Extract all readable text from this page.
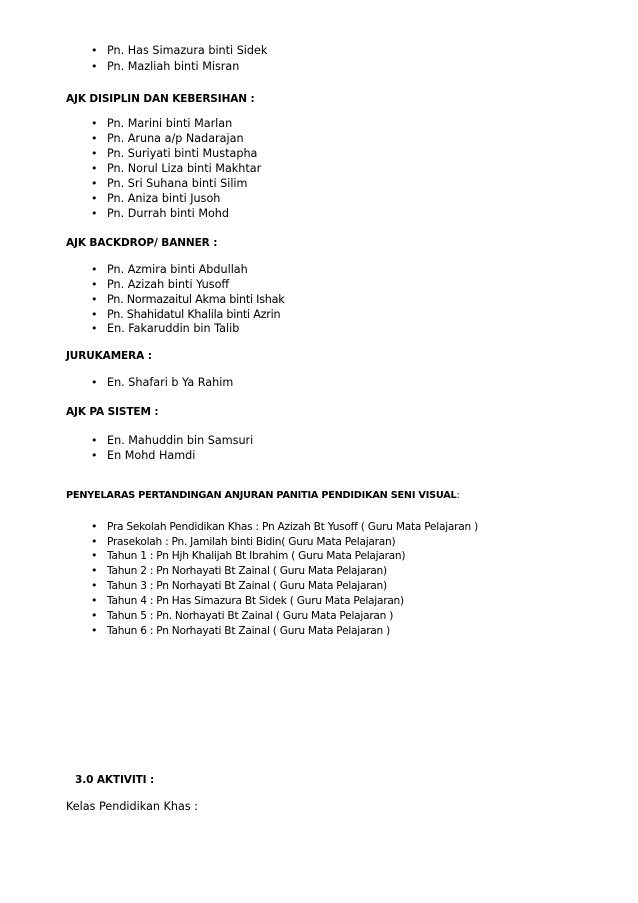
• Pn. Has Simazura binti Sidek
• Pn. Mazliah binti Misran
AJK DISIPLIN DAN KEBERSIHAN :
• Pn. Marini binti Marlan
• Pn. Aruna a/p Nadarajan
• Pn. Suriyati binti Mustapha
• Pn. Norul Liza binti Makhtar
• Pn. Sri Suhana binti Silim
• Pn. Aniza binti Jusoh
• Pn. Durrah binti Mohd
AJK BACKDROP/ BANNER :
• Pn. Azmira binti Abdullah
• Pn. Azizah binti Yusoff
• Pn. Normazaitul Akma binti Ishak
• Pn. Shahidatul Khalila binti Azrin
• En. Fakaruddin bin Talib
JURUKAMERA :
• En. Shafari b Ya Rahim
AJK PA SISTEM :
• En. Mahuddin bin Samsuri
• En Mohd Hamdi
PENYELARAS PERTANDINGAN ANJURAN PANITIA PENDIDIKAN SENI VISUAL:
• Pra Sekolah Pendidikan Khas : Pn Azizah Bt Yusoff ( Guru Mata Pelajaran )
• Prasekolah : Pn. Jamilah binti Bidin( Guru Mata Pelajaran)
• Tahun 1 : Pn Hjh Khalijah Bt Ibrahim ( Guru Mata Pelajaran)
• Tahun 2 : Pn Norhayati Bt Zainal ( Guru Mata Pelajaran)
• Tahun 3 : Pn Norhayati Bt Zainal ( Guru Mata Pelajaran)
• Tahun 4 : Pn Has Simazura Bt Sidek ( Guru Mata Pelajaran)
• Tahun 5 : Pn. Norhayati Bt Zainal ( Guru Mata Pelajaran )
• Tahun 6 : Pn Norhayati Bt Zainal ( Guru Mata Pelajaran )
3.0 AKTIVITI :
Kelas Pendidikan Khas :
